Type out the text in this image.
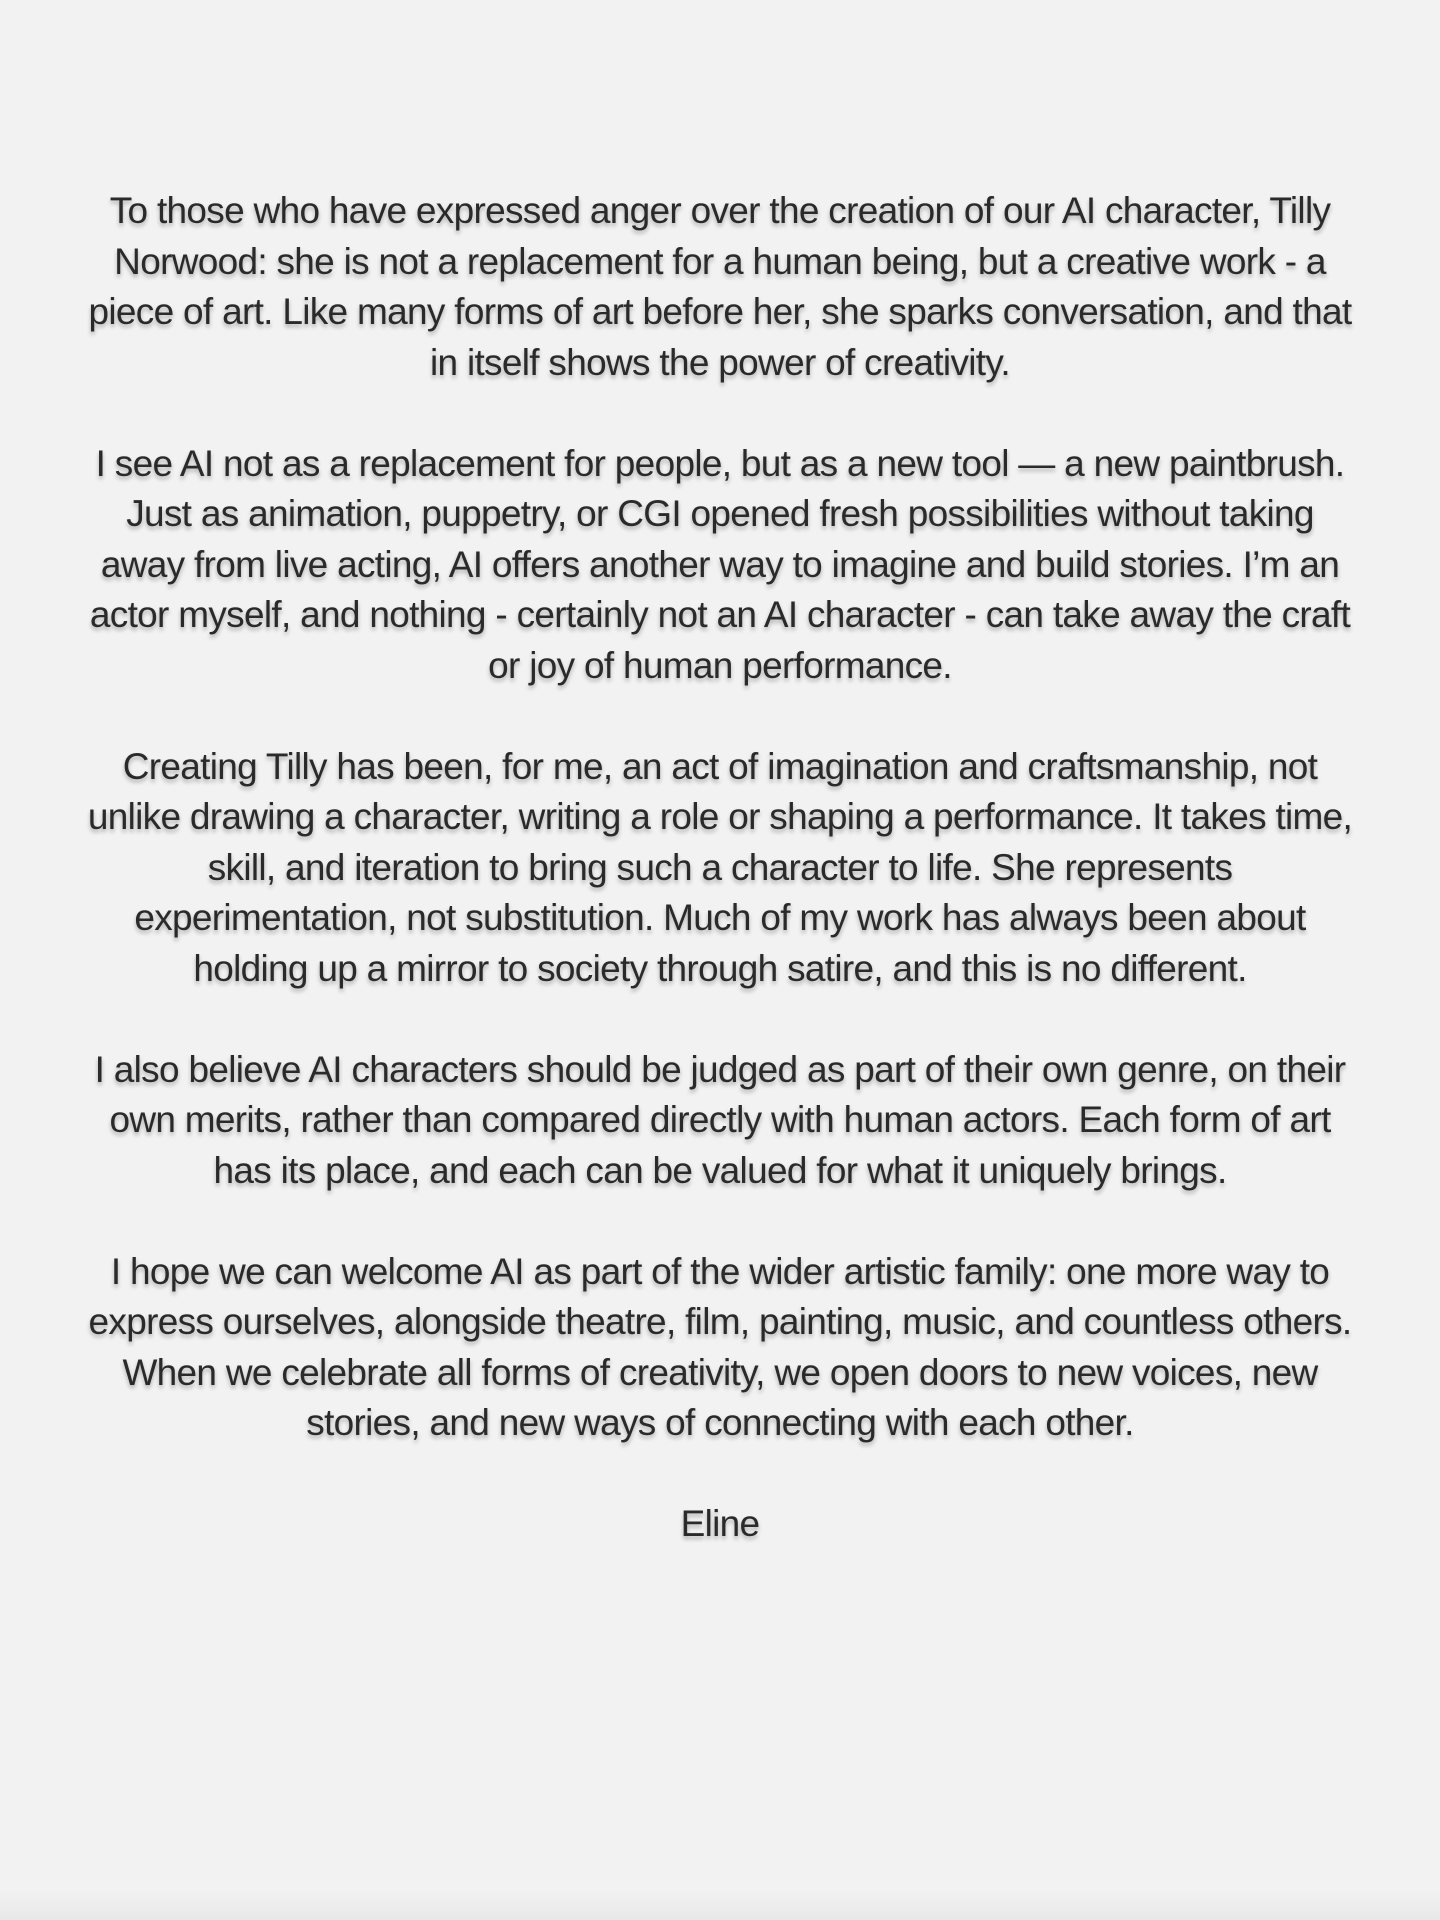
To those who have expressed anger over the creation of our AI character, Tilly Norwood: she is not a replacement for a human being, but a creative work - a piece of art. Like many forms of art before her, she sparks conversation, and that in itself shows the power of creativity.

I see AI not as a replacement for people, but as a new tool — a new paintbrush. Just as animation, puppetry, or CGI opened fresh possibilities without taking away from live acting, AI offers another way to imagine and build stories. I’m an actor myself, and nothing - certainly not an AI character - can take away the craft or joy of human performance.

Creating Tilly has been, for me, an act of imagination and craftsmanship, not unlike drawing a character, writing a role or shaping a performance. It takes time, skill, and iteration to bring such a character to life. She represents experimentation, not substitution. Much of my work has always been about holding up a mirror to society through satire, and this is no different.

I also believe AI characters should be judged as part of their own genre, on their own merits, rather than compared directly with human actors. Each form of art has its place, and each can be valued for what it uniquely brings.

I hope we can welcome AI as part of the wider artistic family: one more way to express ourselves, alongside theatre, film, painting, music, and countless others. When we celebrate all forms of creativity, we open doors to new voices, new stories, and new ways of connecting with each other.

Eline
